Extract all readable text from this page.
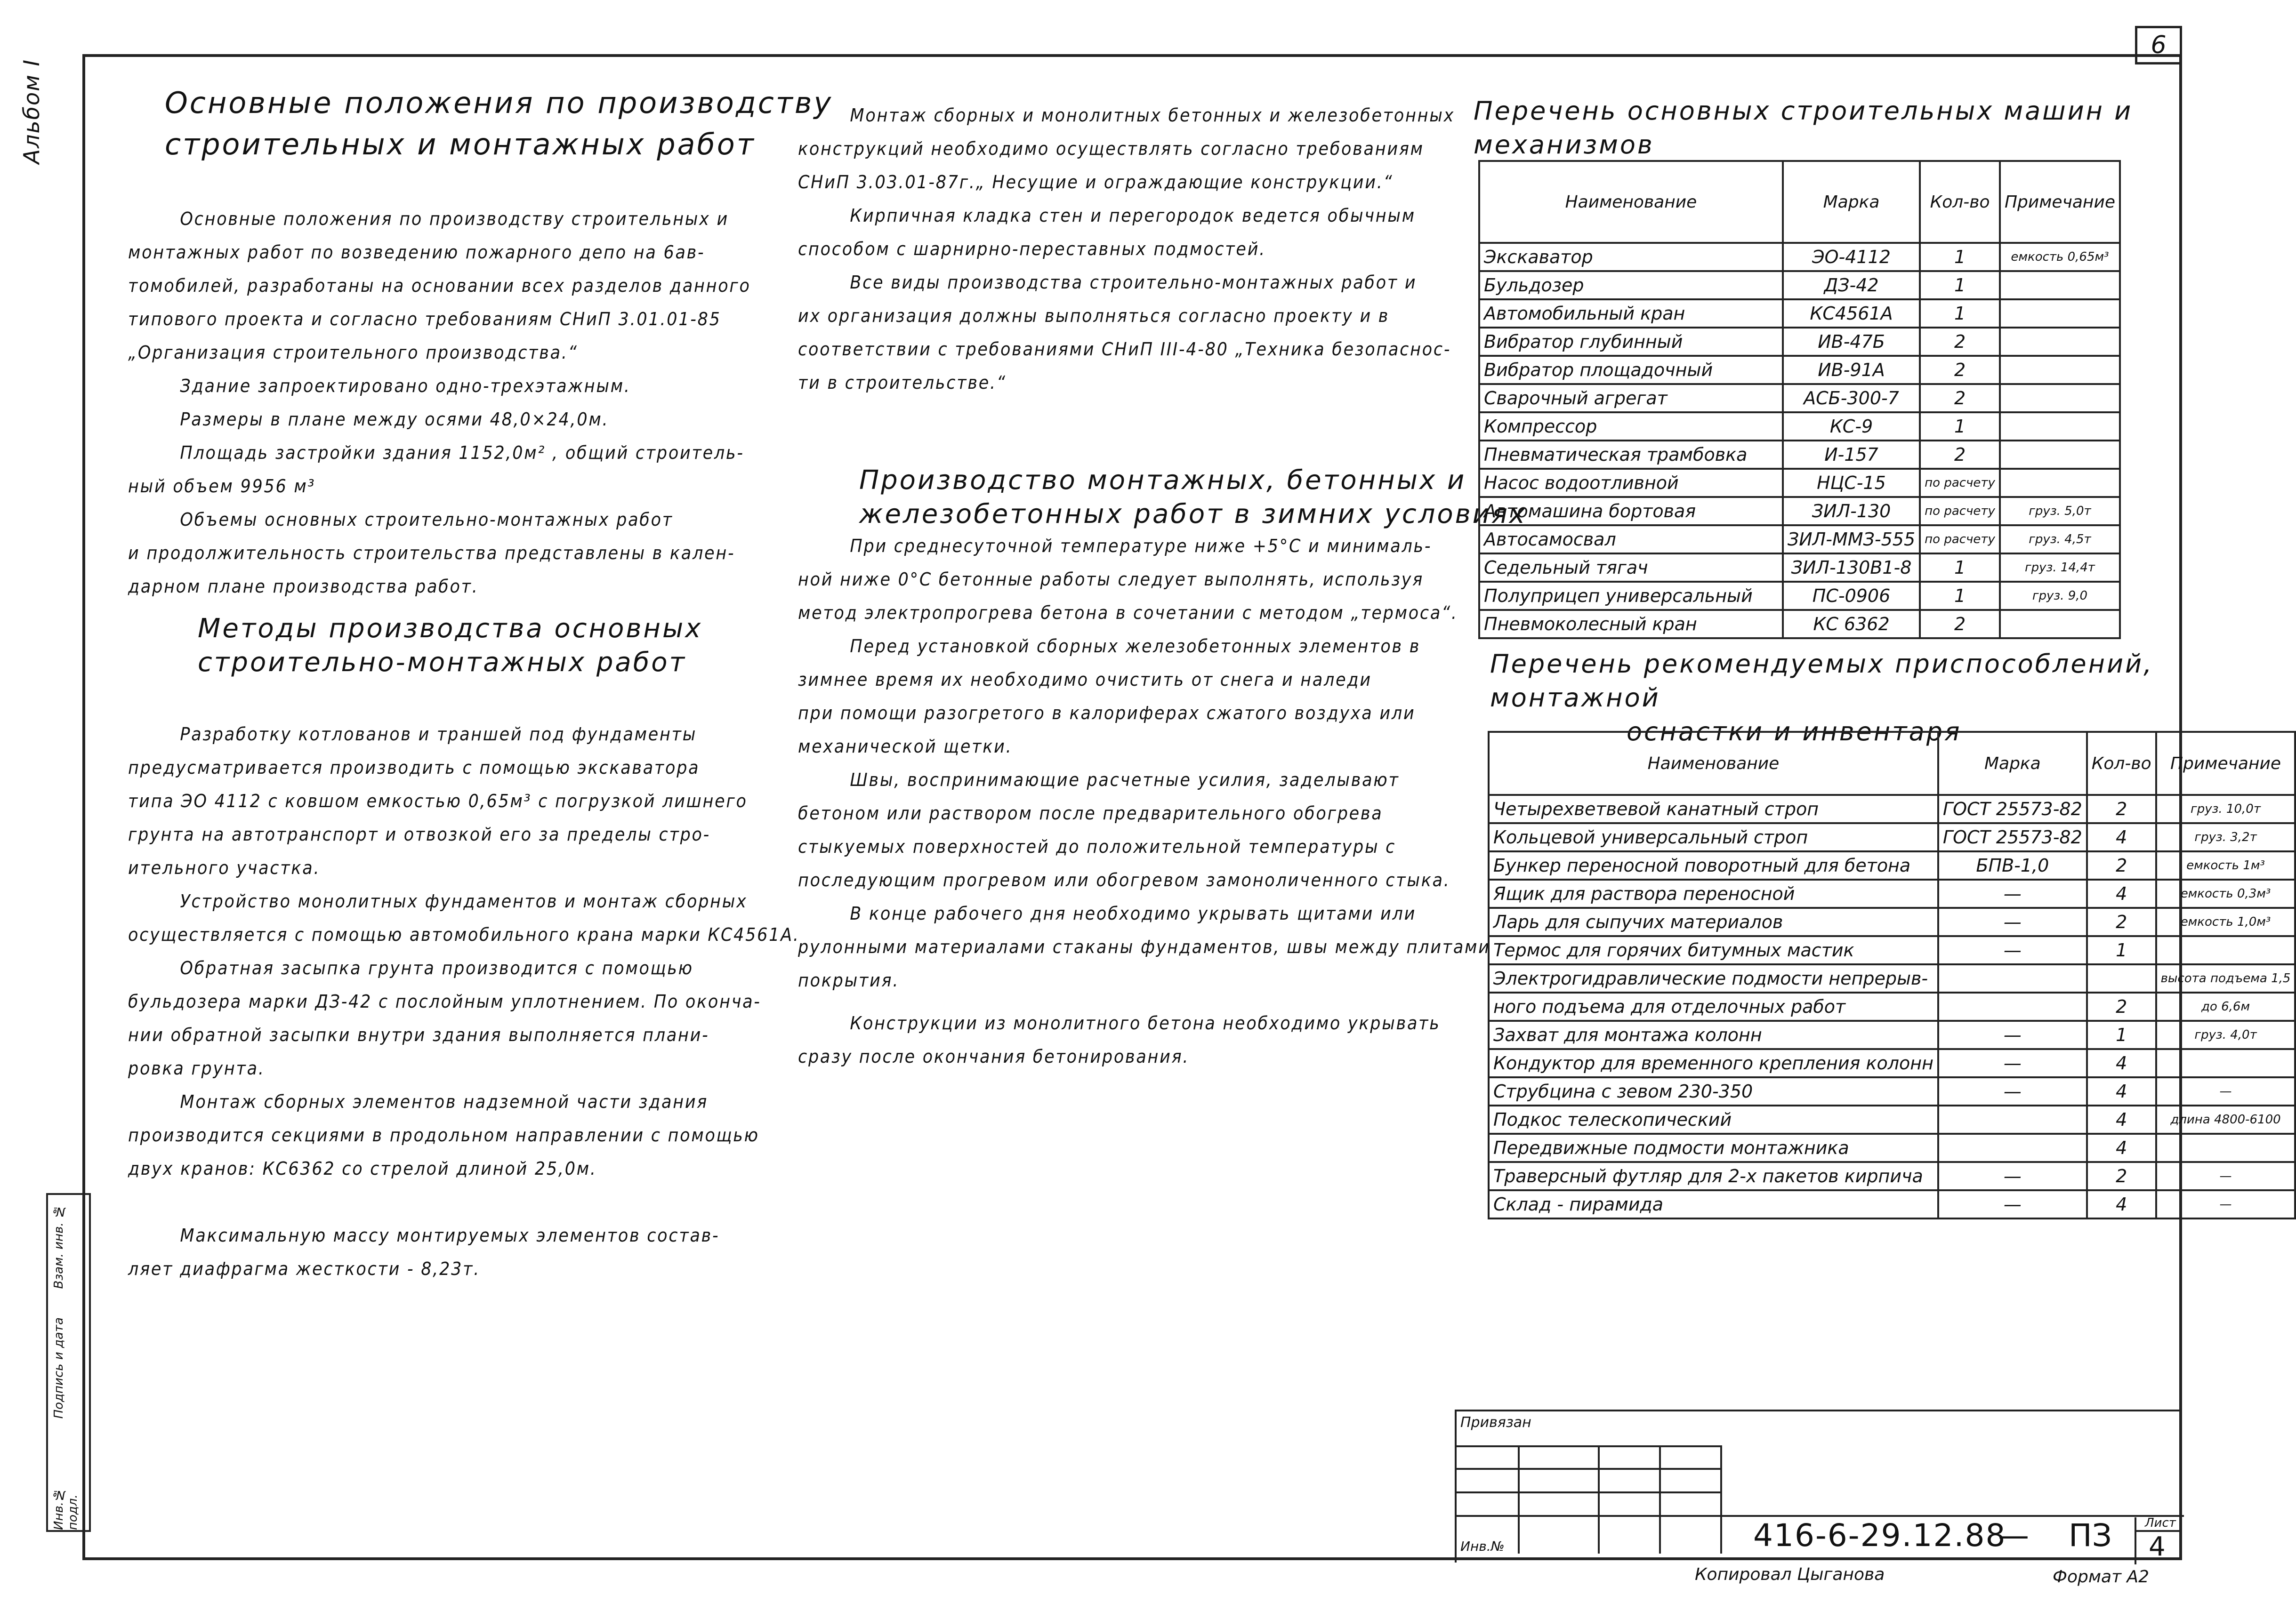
6
Альбом I
Взам. инв. №
Подпись и дата
Инв.№ подл.
Основные положения по производству
строительных и монтажных работ
Основные положения по производству строительных и
монтажных работ по возведению пожарного депо на 6ав-
томобилей, разработаны на основании всех разделов данного
типового проекта и согласно требованиям СНиП 3.01.01-85
„Организация строительного производства.“
Здание запроектировано одно-трехэтажным.
Размеры в плане между осями 48,0×24,0м.
Площадь застройки здания 1152,0м² , общий строитель-
ный объем 9956 м³
Объемы основных строительно-монтажных работ
и продолжительность строительства представлены в кален-
дарном плане производства работ.
Методы производства основных
строительно-монтажных работ
Разработку котлованов и траншей под фундаменты
предусматривается производить с помощью экскаватора
типа ЭО 4112 с ковшом емкостью 0,65м³ с погрузкой лишнего
грунта на автотранспорт и отвозкой его за пределы стро-
ительного участка.
Устройство монолитных фундаментов и монтаж сборных
осуществляется с помощью автомобильного крана марки КС4561А.
Обратная засыпка грунта производится с помощью
бульдозера марки ДЗ-42 с послойным уплотнением. По оконча-
нии обратной засыпки внутри здания выполняется плани-
ровка грунта.
Монтаж сборных элементов надземной части здания
производится секциями в продольном направлении с помощью
двух кранов: КС6362 со стрелой длиной 25,0м.

Максимальную массу монтируемых элементов состав-
ляет диафрагма жесткости - 8,23т.
Монтаж сборных и монолитных бетонных и железобетонных
конструкций необходимо осуществлять согласно требованиям
СНиП 3.03.01-87г.„ Несущие и ограждающие конструкции.“
Кирпичная кладка стен и перегородок ведется обычным
способом с шарнирно-переставных подмостей.
Все виды производства строительно-монтажных работ и
их организация должны выполняться согласно проекту и в
соответствии с требованиями СНиП III-4-80 „Техника безопаснос-
ти в строительстве.“
Производство монтажных, бетонных и
железобетонных работ в зимних условиях
При среднесуточной температуре ниже +5°С и минималь-
ной ниже 0°С бетонные работы следует выполнять, используя
метод электропрогрева бетона в сочетании с методом „термоса“.
Перед установкой сборных железобетонных элементов в
зимнее время их необходимо очистить от снега и наледи
при помощи разогретого в калориферах сжатого воздуха или
механической щетки.
Швы, воспринимающие расчетные усилия, заделывают
бетоном или раствором после предварительного обогрева
стыкуемых поверхностей до положительной температуры с
последующим прогревом или обогревом замоноличенного стыка.
В конце рабочего дня необходимо укрывать щитами или
рулонными материалами стаканы фундаментов, швы между плитами
покрытия.
Конструкции из монолитного бетона необходимо укрывать
сразу после окончания бетонирования.
Перечень основных строительных машин и механизмов
Наименование	Марка	Кол-во	Примечание
Экскаватор	ЭО-4112	1	емкость 0,65м³
Бульдозер	ДЗ-42	1	
Автомобильный кран	КС4561А	1	
Вибратор глубинный	ИВ-47Б	2	
Вибратор площадочный	ИВ-91А	2	
Сварочный агрегат	АСБ-300-7	2	
Компрессор	КС-9	1	
Пневматическая трамбовка	И-157	2	
Насос водоотливной	НЦС-15	по расчету	
Автомашина бортовая	ЗИЛ-130	по расчету	груз. 5,0т
Автосамосвал	ЗИЛ-ММЗ-555	по расчету	груз. 4,5т
Седельный тягач	ЗИЛ-130В1-8	1	груз. 14,4т
Полуприцеп универсальный	ПС-0906	1	груз. 9,0
Пневмоколесный кран	КС 6362	2	
Перечень рекомендуемых приспособлений, монтажной
оснастки и инвентаря
Наименование	Марка	Кол-во	Примечание
Четырехветвевой канатный строп	ГОСТ 25573-82	2	груз. 10,0т
Кольцевой универсальный строп	ГОСТ 25573-82	4	груз. 3,2т
Бункер переносной поворотный для бетона	БПВ-1,0	2	емкость 1м³
Ящик для раствора переносной	—	4	емкость 0,3м³
Ларь для сыпучих материалов	—	2	емкость 1,0м³
Термос для горячих битумных мастик	—	1	
Электрогидравлические подмости непрерыв-			высота подъема 1,5
ного подъема для отделочных работ		2	до 6,6м
Захват для монтажа колонн	—	1	груз. 4,0т
Кондуктор для временного крепления колонн	—	4	
Струбцина с зевом 230-350	—	4	—
Подкос телескопический		4	длина 4800-6100
Передвижные подмости монтажника		4	
Траверсный футляр для 2-х пакетов кирпича	—	2	—
Склад - пирамида	—	4	—
Привязан
Инв.№	416-6-29.12.88
— ПЗ	Лист
4
Копировал Цыганова	Формат А2
